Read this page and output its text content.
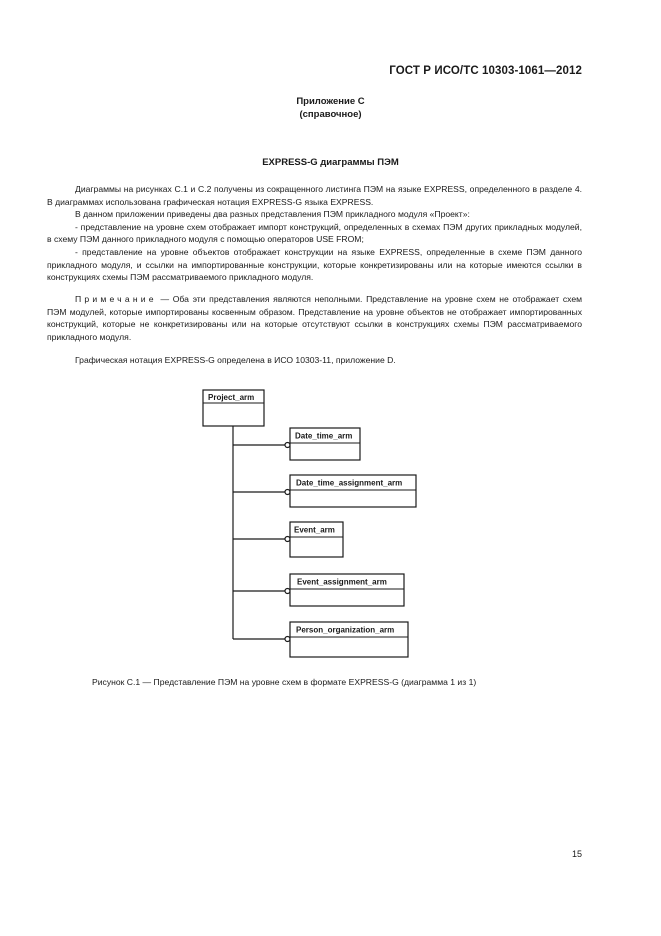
ГОСТ Р ИСО/ТС 10303-1061—2012
Приложение С
(справочное)
EXPRESS-G диаграммы ПЭМ

Диаграммы на рисунках С.1 и С.2 получены из сокращенного листинга ПЭМ на языке EXPRESS, определенного в разделе 4. В диаграммах использована графическая нотация EXPRESS-G языка EXPRESS.

В данном приложении приведены два разных представления ПЭМ прикладного модуля «Проект»:

- представление на уровне схем отображает импорт конструкций, определенных в схемах ПЭМ других прикладных модулей, в схему ПЭМ данного прикладного модуля с помощью операторов USE FROM;

- представление на уровне объектов отображает конструкции на языке EXPRESS, определенные в схеме ПЭМ данного прикладного модуля, и ссылки на импортированные конструкции, которые конкретизированы или на которые имеются ссылки в конструкциях схемы ПЭМ рассматриваемого прикладного модуля.

Примечание — Оба эти представления являются неполными. Представление на уровне схем не отображает схем ПЭМ модулей, которые импортированы косвенным образом. Представление на уровне объектов не отображает импортированных конструкций, которые не конкретизированы или на которые отсутствуют ссылки в конструкциях схемы ПЭМ рассматриваемого прикладного модуля.

Графическая нотация EXPRESS-G определена в ИСО 10303-11, приложение D.

Project_arm
Date_time_arm
Date_time_assignment_arm
Event_arm
Event_assignment_arm
Person_organization_arm
Рисунок С.1 — Представление ПЭМ на уровне схем в формате EXPRESS-G (диаграмма 1 из 1)
15
